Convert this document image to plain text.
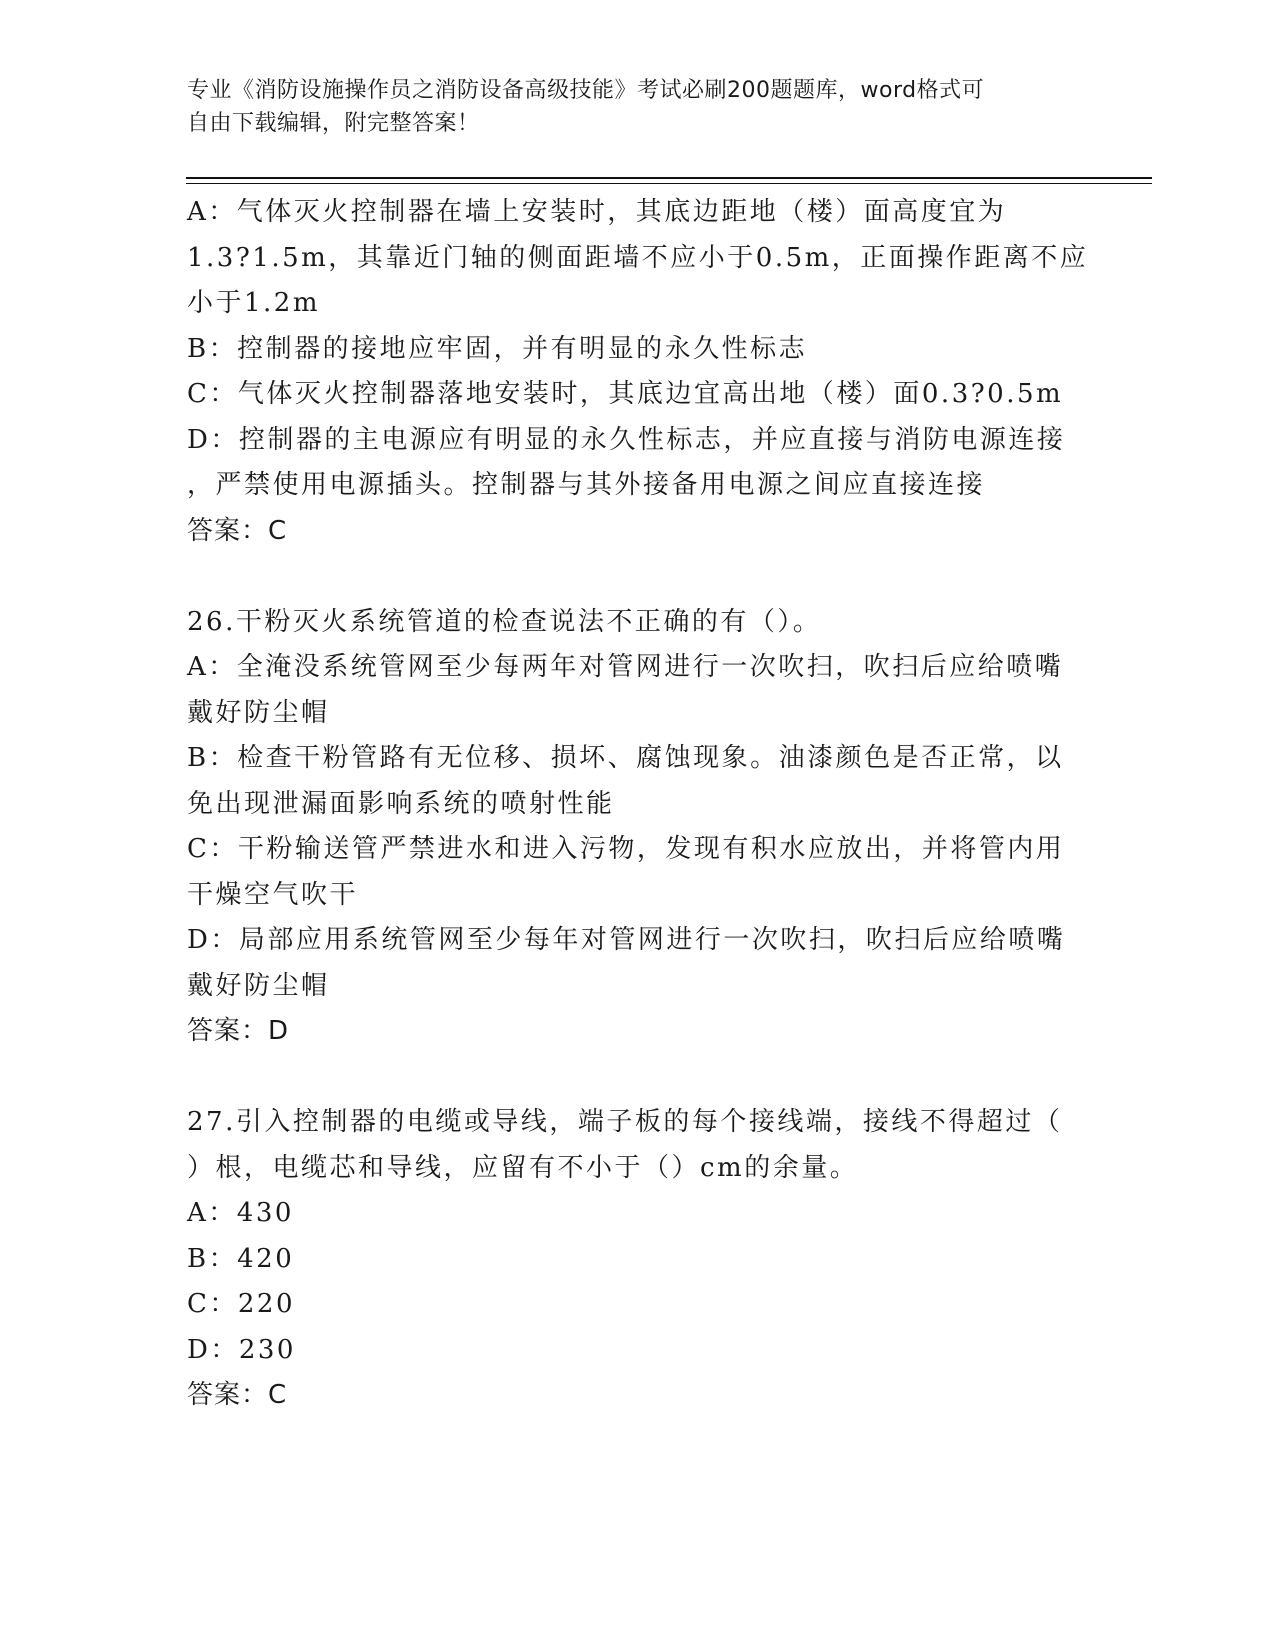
专业《消防设施操作员之消防设备高级技能》考试必刷200题题库，word格式可
自由下载编辑，附完整答案！
A：气体灭火控制器在墙上安装时，其底边距地（楼）面高度宜为
1.3?1.5m，其靠近门轴的侧面距墙不应小于0.5m，正面操作距离不应
小于1.2m
B：控制器的接地应牢固，并有明显的永久性标志
C：气体灭火控制器落地安装时，其底边宜高出地（楼）面0.3?0.5m
D：控制器的主电源应有明显的永久性标志，并应直接与消防电源连接
，严禁使用电源插头。控制器与其外接备用电源之间应直接连接
答案：C
26.干粉灭火系统管道的检查说法不正确的有（）。
A：全淹没系统管网至少每两年对管网进行一次吹扫，吹扫后应给喷嘴
戴好防尘帽
B：检查干粉管路有无位移、损坏、腐蚀现象。油漆颜色是否正常，以
免出现泄漏面影响系统的喷射性能
C：干粉输送管严禁进水和进入污物，发现有积水应放出，并将管内用
干燥空气吹干
D：局部应用系统管网至少每年对管网进行一次吹扫，吹扫后应给喷嘴
戴好防尘帽
答案：D
27.引入控制器的电缆或导线，端子板的每个接线端，接线不得超过（
）根，电缆芯和导线，应留有不小于（）cm的余量。
A：430
B：420
C：220
D：230
答案：C
